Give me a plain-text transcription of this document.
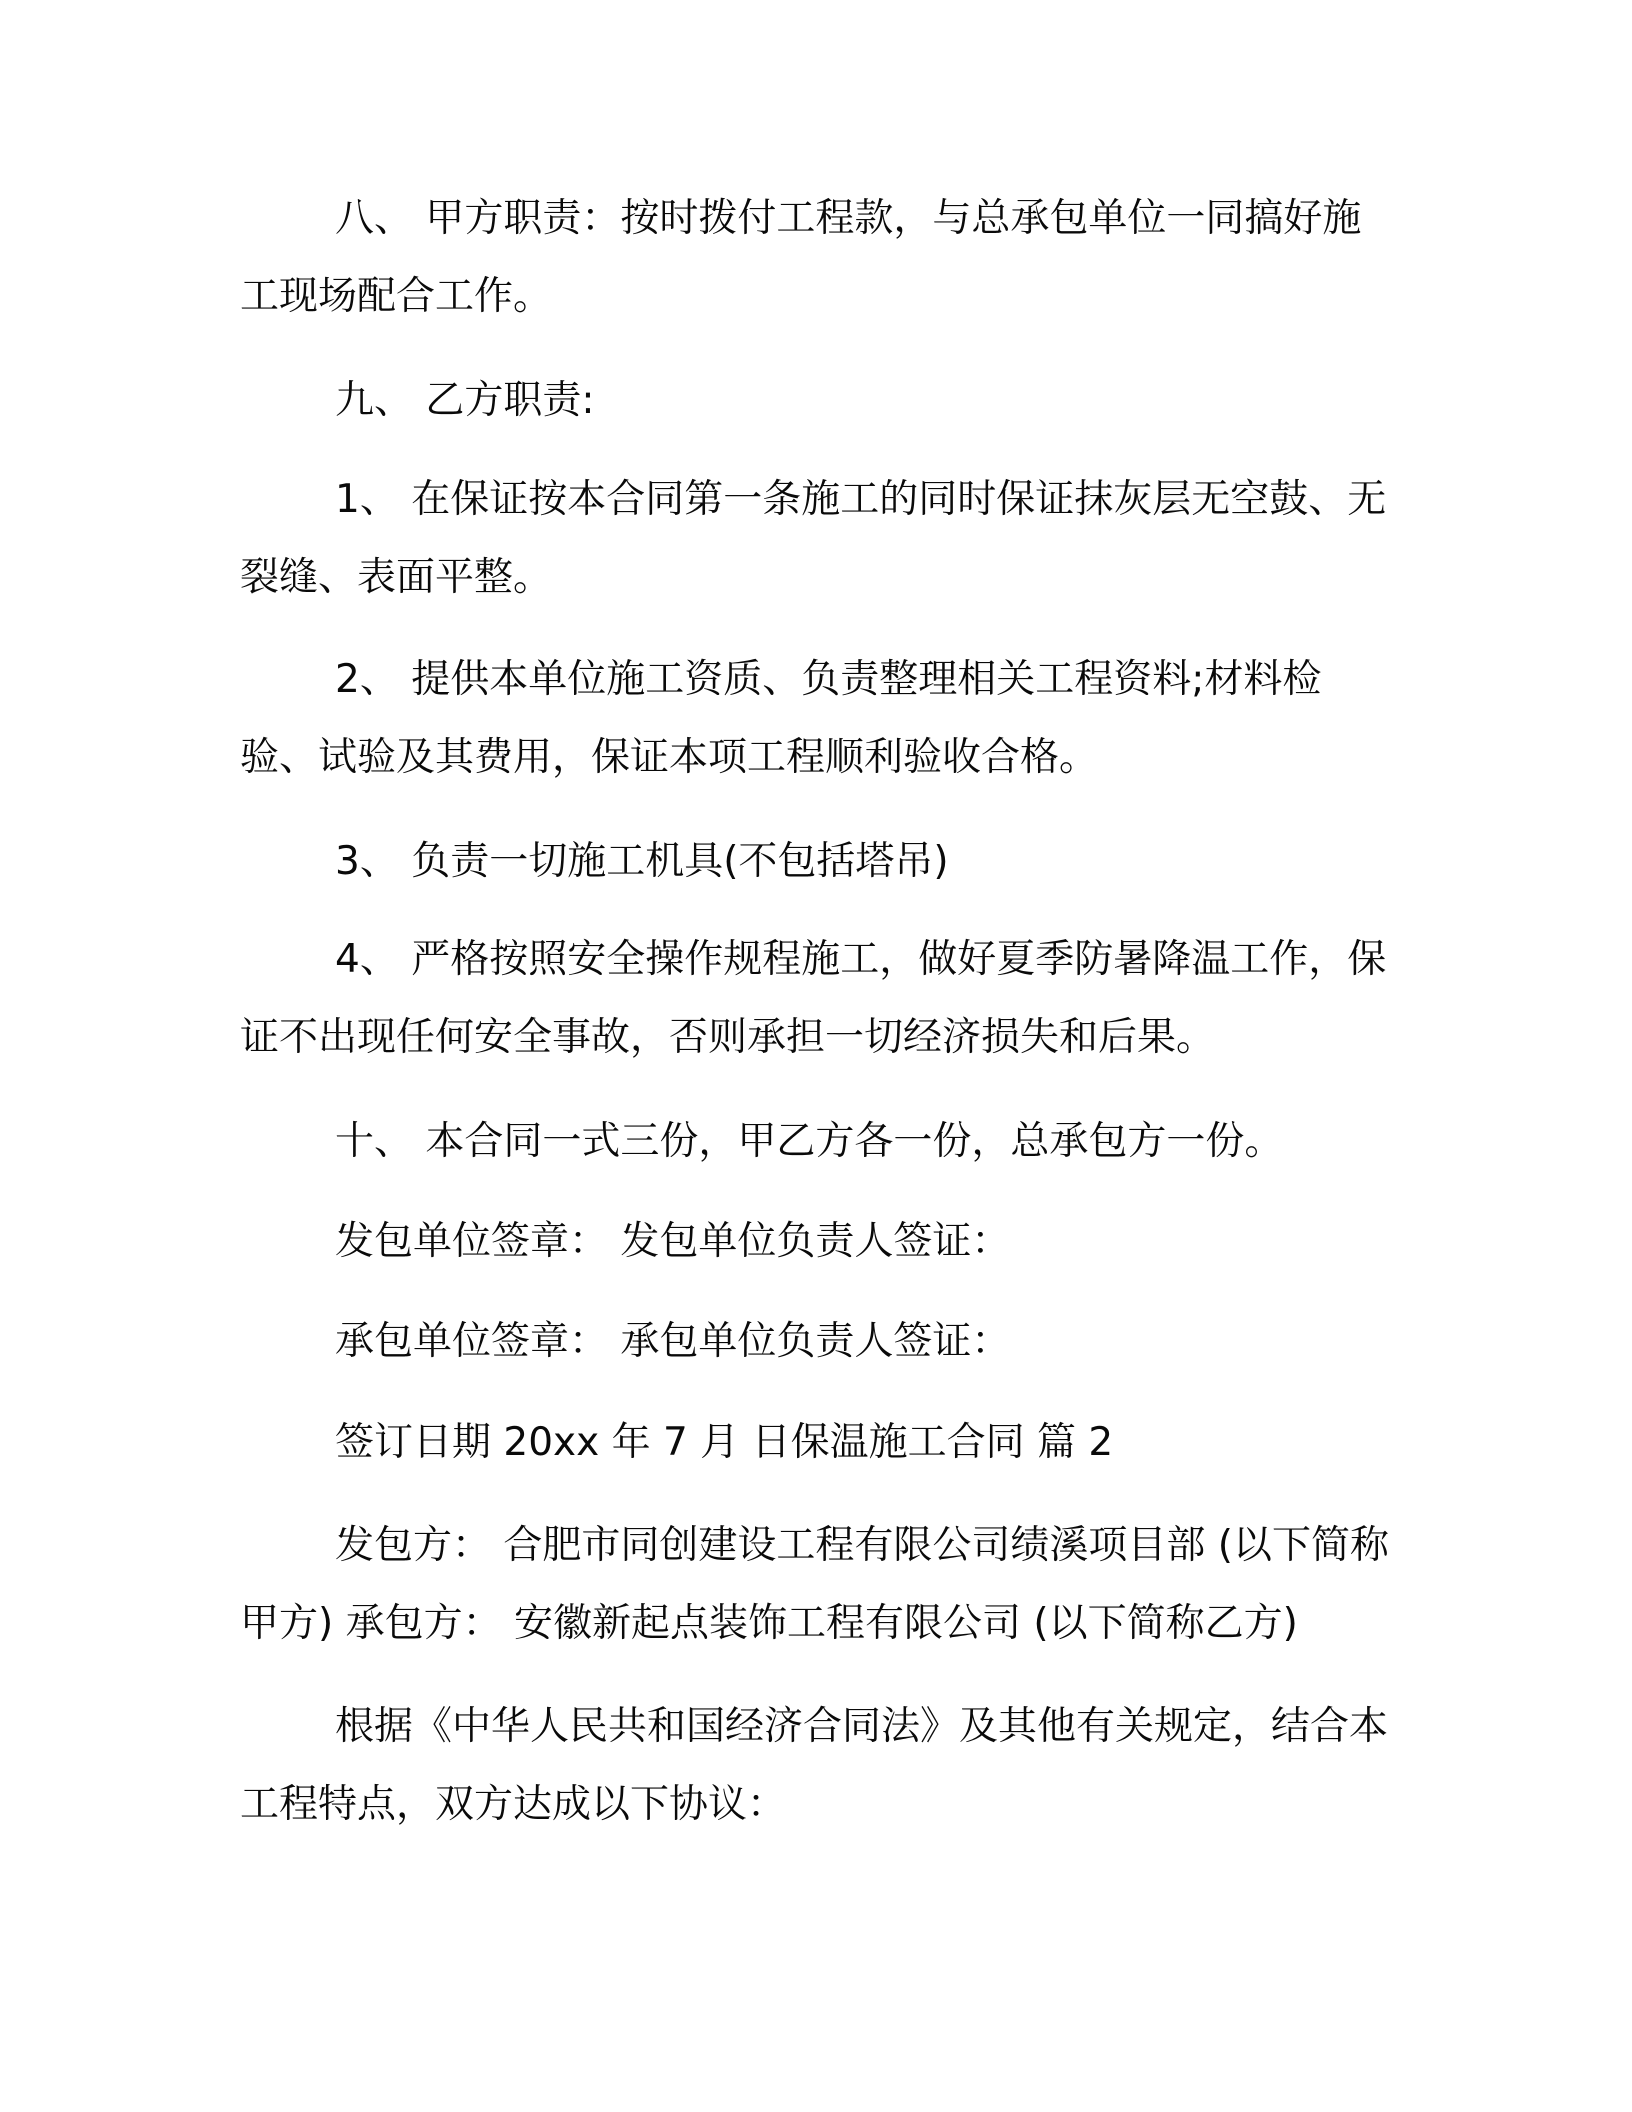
八、 甲方职责：按时拨付工程款，与总承包单位一同搞好施工现场配合工作。

九、 乙方职责:

1、 在保证按本合同第一条施工的同时保证抹灰层无空鼓、无裂缝、表面平整。

2、 提供本单位施工资质、负责整理相关工程资料;材料检验、试验及其费用，保证本项工程顺利验收合格。

3、 负责一切施工机具(不包括塔吊)

4、 严格按照安全操作规程施工，做好夏季防暑降温工作，保证不出现任何安全事故，否则承担一切经济损失和后果。

十、 本合同一式三份，甲乙方各一份，总承包方一份。

发包单位签章： 发包单位负责人签证：

承包单位签章： 承包单位负责人签证：

签订日期 20xx 年 7 月 日保温施工合同 篇 2

发包方： 合肥市同创建设工程有限公司绩溪项目部 (以下简称甲方) 承包方： 安徽新起点装饰工程有限公司 (以下简称乙方)

根据《中华人民共和国经济合同法》及其他有关规定，结合本工程特点，双方达成以下协议：
